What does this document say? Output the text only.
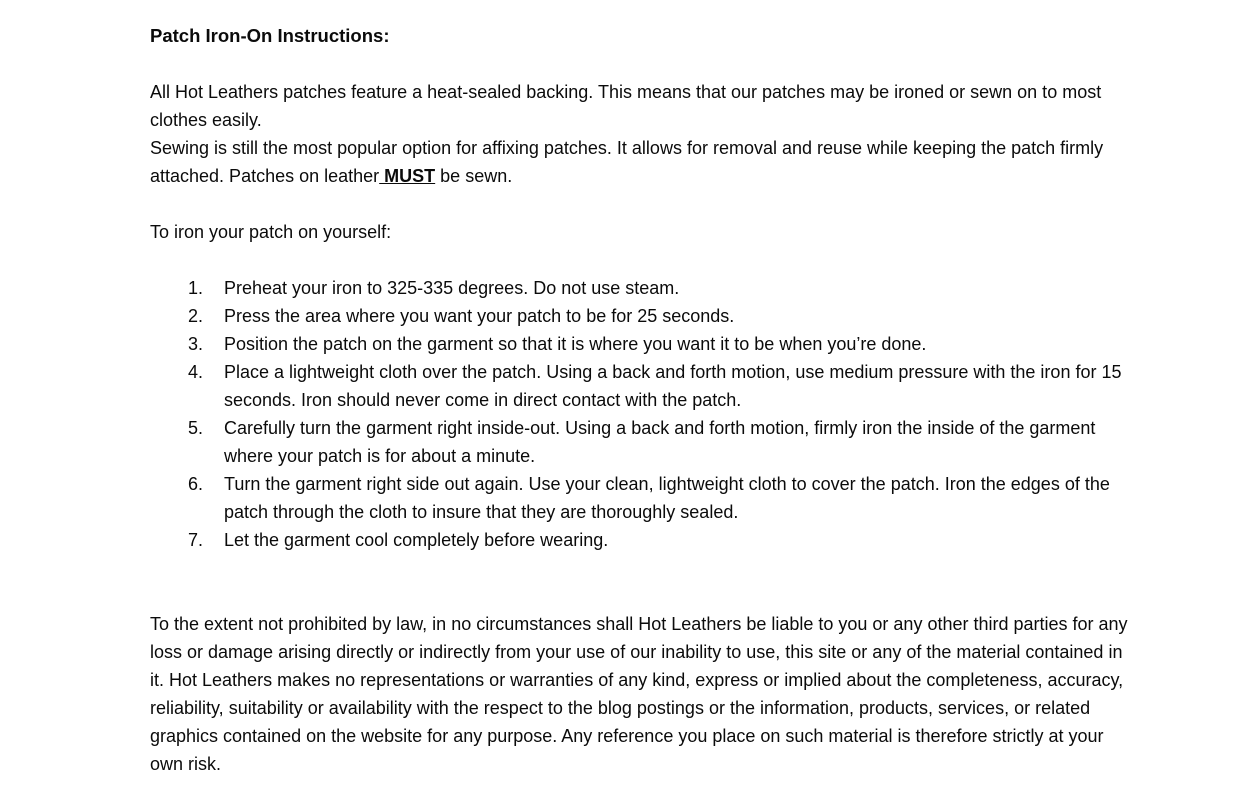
Patch Iron-On Instructions:

All Hot Leathers patches feature a heat-sealed backing. This means that our patches may be ironed or sewn on to most clothes easily.

Sewing is still the most popular option for affixing patches. It allows for removal and reuse while keeping the patch firmly attached. Patches on leather MUST be sewn.

To iron your patch on yourself:

1.	Preheat your iron to 325-335 degrees. Do not use steam.
2.	Press the area where you want your patch to be for 25 seconds.
3.	Position the patch on the garment so that it is where you want it to be when you’re done.
4.	Place a lightweight cloth over the patch. Using a back and forth motion, use medium pressure with the iron for 15 seconds. Iron should never come in direct contact with the patch.
5.	Carefully turn the garment right inside-out. Using a back and forth motion, firmly iron the inside of the garment where your patch is for about a minute.
6.	Turn the garment right side out again. Use your clean, lightweight cloth to cover the patch. Iron the edges of the patch through the cloth to insure that they are thoroughly sealed.
7.	Let the garment cool completely before wearing.

To the extent not prohibited by law, in no circumstances shall Hot Leathers be liable to you or any other third parties for any loss or damage arising directly or indirectly from your use of our inability to use, this site or any of the material contained in it. Hot Leathers makes no representations or warranties of any kind, express or implied about the completeness, accuracy, reliability, suitability or availability with the respect to the blog postings or the information, products, services, or related graphics contained on the website for any purpose. Any reference you place on such material is therefore strictly at your own risk.
